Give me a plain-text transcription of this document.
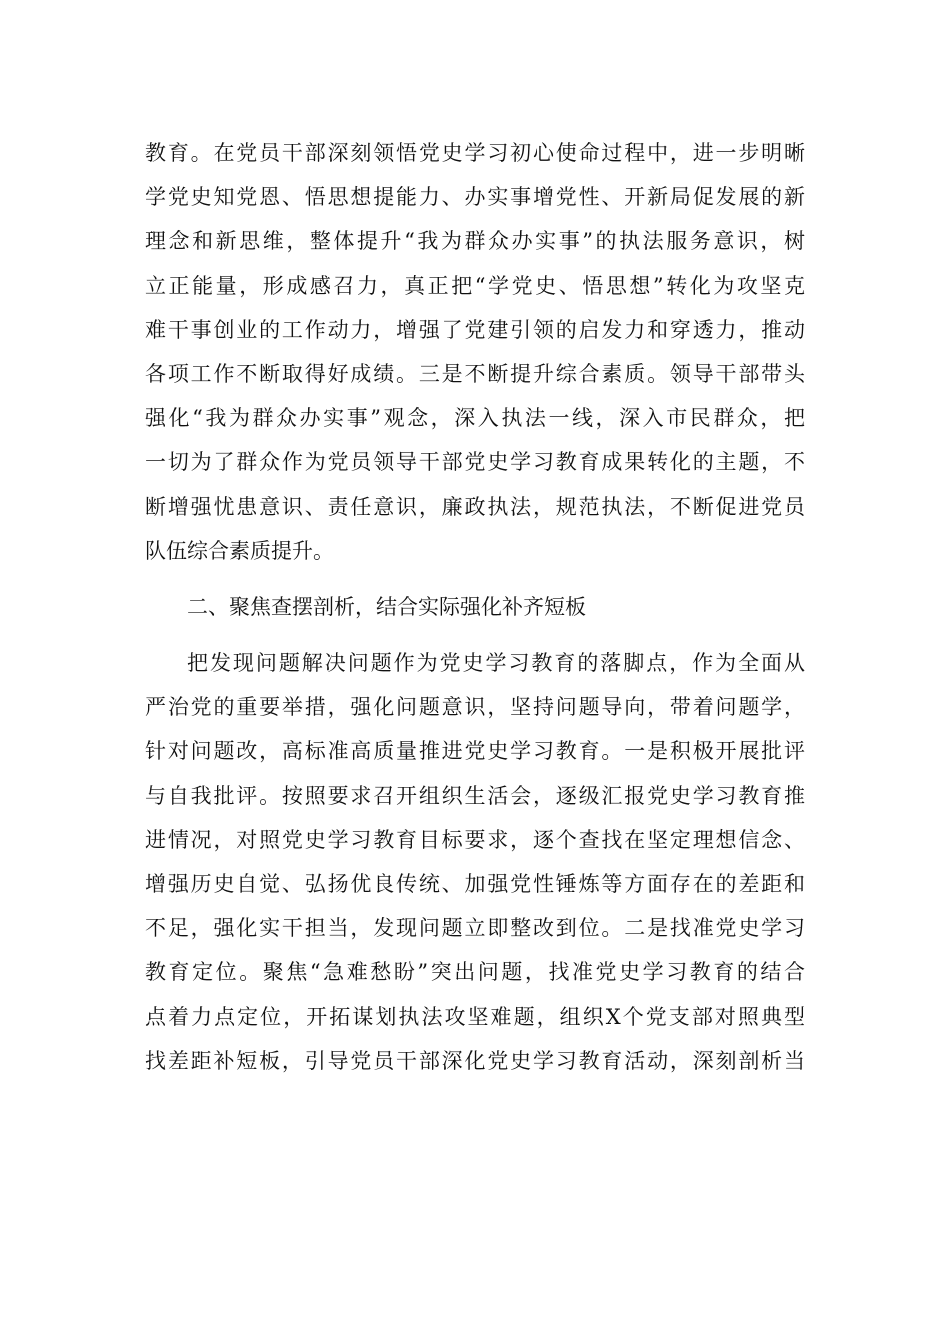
教育。在党员干部深刻领悟党史学习初心使命过程中，进一步明晰
学党史知党恩、悟思想提能力、办实事增党性、开新局促发展的新
理念和新思维，整体提升“我为群众办实事”的执法服务意识，树
立正能量，形成感召力，真正把“学党史、悟思想”转化为攻坚克
难干事创业的工作动力，增强了党建引领的启发力和穿透力，推动
各项工作不断取得好成绩。三是不断提升综合素质。领导干部带头
强化“我为群众办实事”观念，深入执法一线，深入市民群众，把
一切为了群众作为党员领导干部党史学习教育成果转化的主题，不
断增强忧患意识、责任意识，廉政执法，规范执法，不断促进党员
队伍综合素质提升。
二、聚焦查摆剖析，结合实际强化补齐短板
把发现问题解决问题作为党史学习教育的落脚点，作为全面从
严治党的重要举措，强化问题意识，坚持问题导向，带着问题学，
针对问题改，高标准高质量推进党史学习教育。一是积极开展批评
与自我批评。按照要求召开组织生活会，逐级汇报党史学习教育推
进情况，对照党史学习教育目标要求，逐个查找在坚定理想信念、
增强历史自觉、弘扬优良传统、加强党性锤炼等方面存在的差距和
不足，强化实干担当，发现问题立即整改到位。二是找准党史学习
教育定位。聚焦“急难愁盼”突出问题，找准党史学习教育的结合
点着力点定位，开拓谋划执法攻坚难题，组织X个党支部对照典型
找差距补短板，引导党员干部深化党史学习教育活动，深刻剖析当
